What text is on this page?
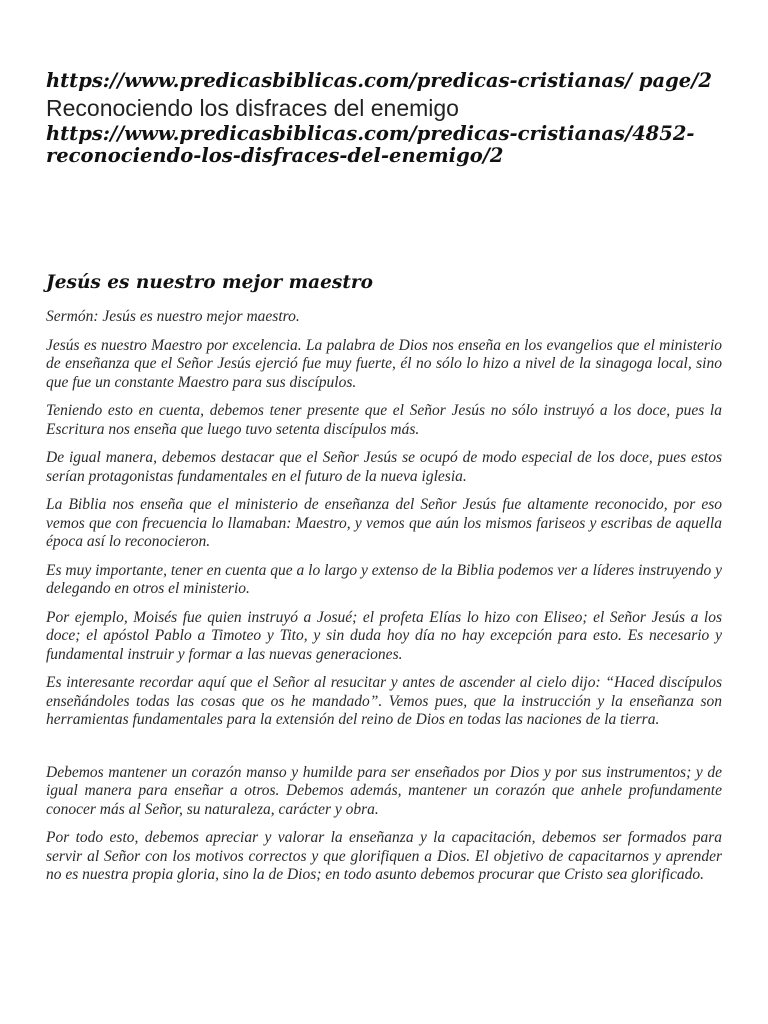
https://www.predicasbiblicas.com/predicas-cristianas/ page/2

Reconociendo los disfraces del enemigo

https://www.predicasbiblicas.com/predicas-cristianas/4852-reconociendo-los-disfraces-del-enemigo/2

Jesús es nuestro mejor maestro

Sermón: Jesús es nuestro mejor maestro.

Jesús es nuestro Maestro por excelencia. La palabra de Dios nos enseña en los evangelios que el ministerio de enseñanza que el Señor Jesús ejerció fue muy fuerte, él no sólo lo hizo a nivel de la sinagoga local, sino que fue un constante Maestro para sus discípulos.

Teniendo esto en cuenta, debemos tener presente que el Señor Jesús no sólo instruyó a los doce, pues la Escritura nos enseña que luego tuvo setenta discípulos más.

De igual manera, debemos destacar que el Señor Jesús se ocupó de modo especial de los doce, pues estos serían protagonistas fundamentales en el futuro de la nueva iglesia.

La Biblia nos enseña que el ministerio de enseñanza del Señor Jesús fue altamente reconocido, por eso vemos que con frecuencia lo llamaban: Maestro, y vemos que aún los mismos fariseos y escribas de aquella época así lo reconocieron.

Es muy importante, tener en cuenta que a lo largo y extenso de la Biblia podemos ver a líderes instruyendo y delegando en otros el ministerio.

Por ejemplo, Moisés fue quien instruyó a Josué; el profeta Elías lo hizo con Eliseo; el Señor Jesús a los doce; el apóstol Pablo a Timoteo y Tito, y sin duda hoy día no hay excepción para esto. Es necesario y fundamental instruir y formar a las nuevas generaciones.

Es interesante recordar aquí que el Señor al resucitar y antes de ascender al cielo dijo: “Haced discípulos enseñándoles todas las cosas que os he mandado”. Vemos pues, que la instrucción y la enseñanza son herramientas fundamentales para la extensión del reino de Dios en todas las naciones de la tierra.

Debemos mantener un corazón manso y humilde para ser enseñados por Dios y por sus instrumentos; y de igual manera para enseñar a otros. Debemos además, mantener un corazón que anhele profundamente conocer más al Señor, su naturaleza, carácter y obra.

Por todo esto, debemos apreciar y valorar la enseñanza y la capacitación, debemos ser formados para servir al Señor con los motivos correctos y que glorifiquen a Dios. El objetivo de capacitarnos y aprender no es nuestra propia gloria, sino la de Dios; en todo asunto debemos procurar que Cristo sea glorificado.
